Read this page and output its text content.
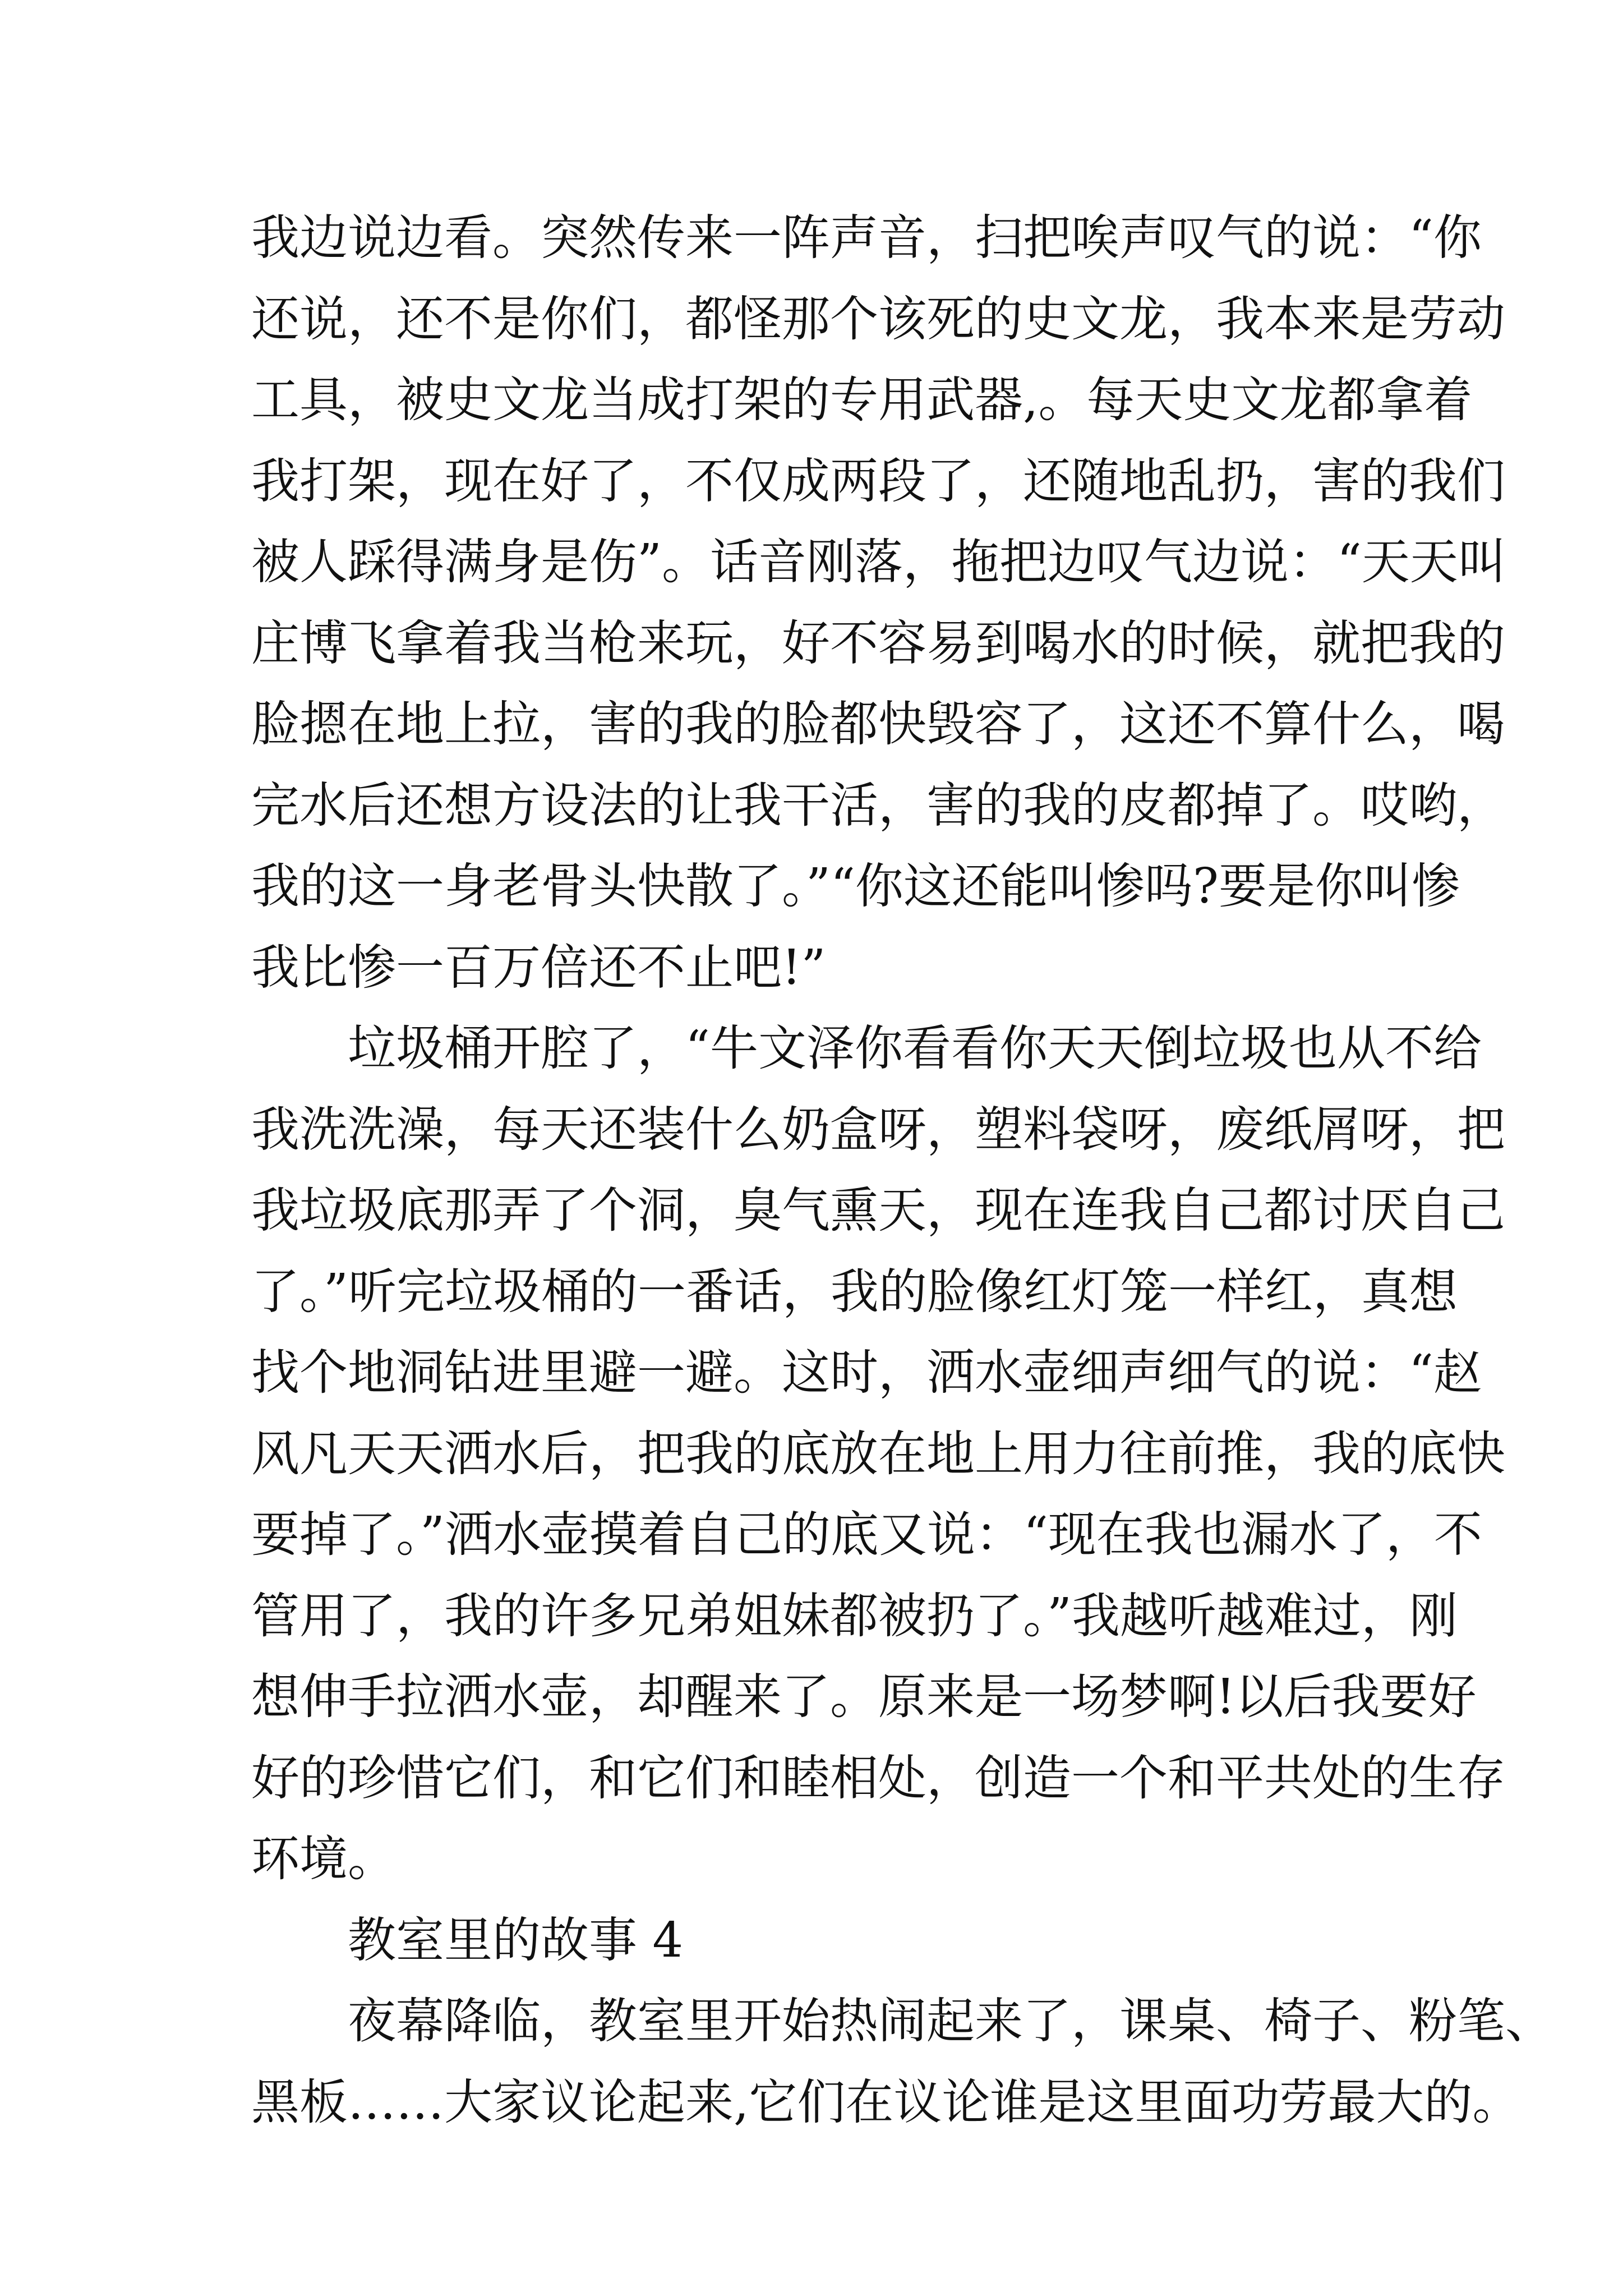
我边说边看。突然传来一阵声音，扫把唉声叹气的说：“你
还说，还不是你们，都怪那个该死的史文龙，我本来是劳动
工具，被史文龙当成打架的专用武器,。每天史文龙都拿着
我打架，现在好了，不仅成两段了，还随地乱扔，害的我们
被人踩得满身是伤”。话音刚落，拖把边叹气边说：“天天叫
庄博飞拿着我当枪来玩，好不容易到喝水的时候，就把我的
脸摁在地上拉，害的我的脸都快毁容了，这还不算什么，喝
完水后还想方设法的让我干活，害的我的皮都掉了。哎哟，
我的这一身老骨头快散了。”“你这还能叫惨吗?要是你叫惨
我比惨一百万倍还不止吧!”
垃圾桶开腔了，“牛文泽你看看你天天倒垃圾也从不给
我洗洗澡，每天还装什么奶盒呀，塑料袋呀，废纸屑呀，把
我垃圾底那弄了个洞，臭气熏天，现在连我自己都讨厌自己
了。”听完垃圾桶的一番话，我的脸像红灯笼一样红，真想
找个地洞钻进里避一避。这时，洒水壶细声细气的说：“赵
风凡天天洒水后，把我的底放在地上用力往前推，我的底快
要掉了。”洒水壶摸着自己的底又说：“现在我也漏水了，不
管用了，我的许多兄弟姐妹都被扔了。”我越听越难过，刚
想伸手拉洒水壶，却醒来了。原来是一场梦啊!以后我要好
好的珍惜它们，和它们和睦相处，创造一个和平共处的生存
环境。
教室里的故事 4
夜幕降临，教室里开始热闹起来了，课桌、椅子、粉笔、
黑板……大家议论起来,它们在议论谁是这里面功劳最大的。
